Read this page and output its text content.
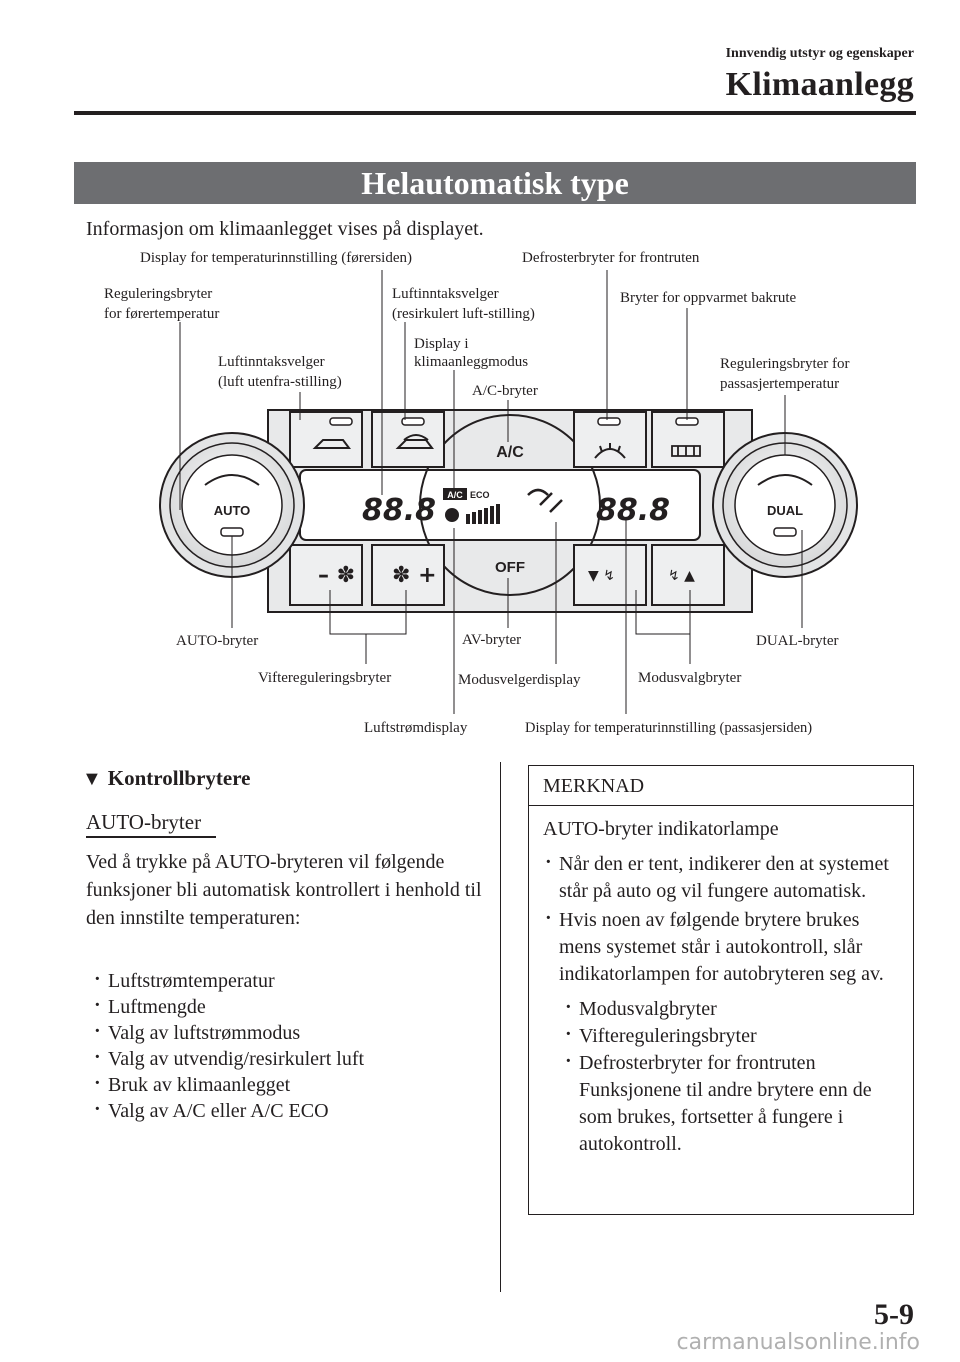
Innvendig utstyr og egenskaper
Klimaanlegg
Helautomatisk type
Informasjon om klimaanlegget vises på displayet.
A/C
OFF
88.8	88.8
A/C ECO
– ✽ ✽ +	▼ ↯	↯ ▲
AUTO	DUAL
Display for temperaturinnstilling (førersiden)	Defrosterbryter for frontruten
Reguleringsbryter
for førertemperatur
Luftinntaksvelger
(resirkulert luft-stilling)
Bryter for oppvarmet bakrute
Display i
klimaanleggmodus
Luftinntaksvelger
(luft utenfra-stilling)
Reguleringsbryter for
passasjertemperatur
A/C-bryter
AUTO-bryter	AV-bryter	DUAL-bryter
Viftereguleringsbryter	Modusvelgerdisplay	Modusvalgbryter
Luftstrømdisplay	Display for temperaturinnstilling (passasjersiden)
▼ Kontrollbrytere
AUTO-bryter
Ved å trykke på AUTO-bryteren vil følgende funksjoner bli automatisk kontrollert i henhold til den innstilte temperaturen:
· Luftstrømtemperatur
· Luftmengde
· Valg av luftstrømmodus
· Valg av utvendig/resirkulert luft
· Bruk av klimaanlegget
· Valg av A/C eller A/C ECO
MERKNAD
AUTO-bryter indikatorlampe
· Når den er tent, indikerer den at systemet står på auto og vil fungere automatisk.
· Hvis noen av følgende brytere brukes mens systemet står i autokontroll, slår indikatorlampen for autobryteren seg av.
· Modusvalgbryter
· Viftereguleringsbryter
· Defrosterbryter for frontruten
Funksjonene til andre brytere enn de som brukes, fortsetter å fungere i autokontroll.
5-9
carmanualsonline.info
